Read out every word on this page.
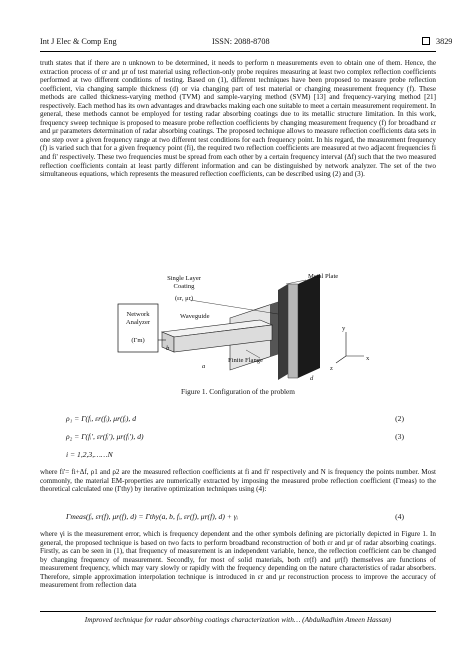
Int J Elec & Comp Eng	ISSN: 2088-8708	3829

truth states that if there are n unknown to be determined, it needs to perform n measurements even to obtain one of them. Hence, the extraction process of εr and μr of test material using reflection-only probe requires measuring at least two complex reflection coefficients performed at two different conditions of testing. Based on (1), different techniques have been proposed to measure probe reflection coefficient, via changing sample thickness (d) or via changing part of test material or changing measurement frequency (f). These methods are called thickness-varying method (TVM) and sample-varying method (SVM) [13] and frequency-varying method [21] respectively. Each method has its own advantages and drawbacks making each one suitable to meet a certain measurement requirement. In general, these methods cannot be employed for testing radar absorbing coatings due to its metallic structure limitation. In this work, frequency sweep technique is proposed to measure probe reflection coefficients by changing measurement frequency (f) for broadband εr and μr parameters determination of radar absorbing coatings. The proposed technique allows to measure reflection coefficients data sets in one step over a given frequency range at two different test conditions for each frequency point. In his regard, the measurement frequency (f) is varied such that for a given frequency point (fi), the required two reflection coefficients are measured at two adjacent frequencies fi and fi' respectively. These two frequencies must be spread from each other by a certain frequency interval (Δf) such that the two measured reflection coefficients contain at least partly different information and can be distinguished by network analyzer. The set of the two simultaneous equations, which represents the measured reflection coefficients, can be described using (2) and (3).

Single Layer
Coating
(εr, μr)
Metal Plate
Network
Analyzer
(Γm)
Waveguide
Finite Flange
a
b
d
y
x
z
Figure 1. Configuration of the problem
ρ₁ = Γ(fᵢ, εr(fᵢ), μr(fᵢ), d	(2)
ρ₂ = Γ(fᵢ′, εr(fᵢ′), μr(fᵢ′), d)	(3)
i = 1,2,3,……N

where fi'= fi+Δf, ρ1 and ρ2 are the measured reflection coefficients at fi and fi' respectively and N is frequency the points number. Most commonly, the material EM-properties are numerically extracted by imposing the measured probe reflection coefficient (Γmeas) to the theoretical calculated one (Γthy) by iterative optimization techniques using (4):

Γmeas(fᵢ, εr(f), μr(f), d) = Γthy(a, b, fᵢ, εr(f), μr(f), d) + γᵢ	(4)

where γi is the measurement error, which is frequency dependent and the other symbols defining are pictorially depicted in Figure 1. In general, the proposed technique is based on two facts to perform broadband reconstruction of both εr and μr of radar absorbing coatings. Firstly, as can be seen in (1), that frequency of measurement is an independent variable, hence, the reflection coefficient can be changed by changing frequency of measurement. Secondly, for most of solid materials, both εr(f) and μr(f) themselves are functions of measurement frequency, which may vary slowly or rapidly with the frequency depending on the nature characteristics of radar absorbers. Therefore, simple approximation interpolation technique is introduced in εr and μr reconstruction process to improve the accuracy of measurement from reflection data

Improved technique for radar absorbing coatings characterization with… (Abdulkadhim Ameen Hassan)
